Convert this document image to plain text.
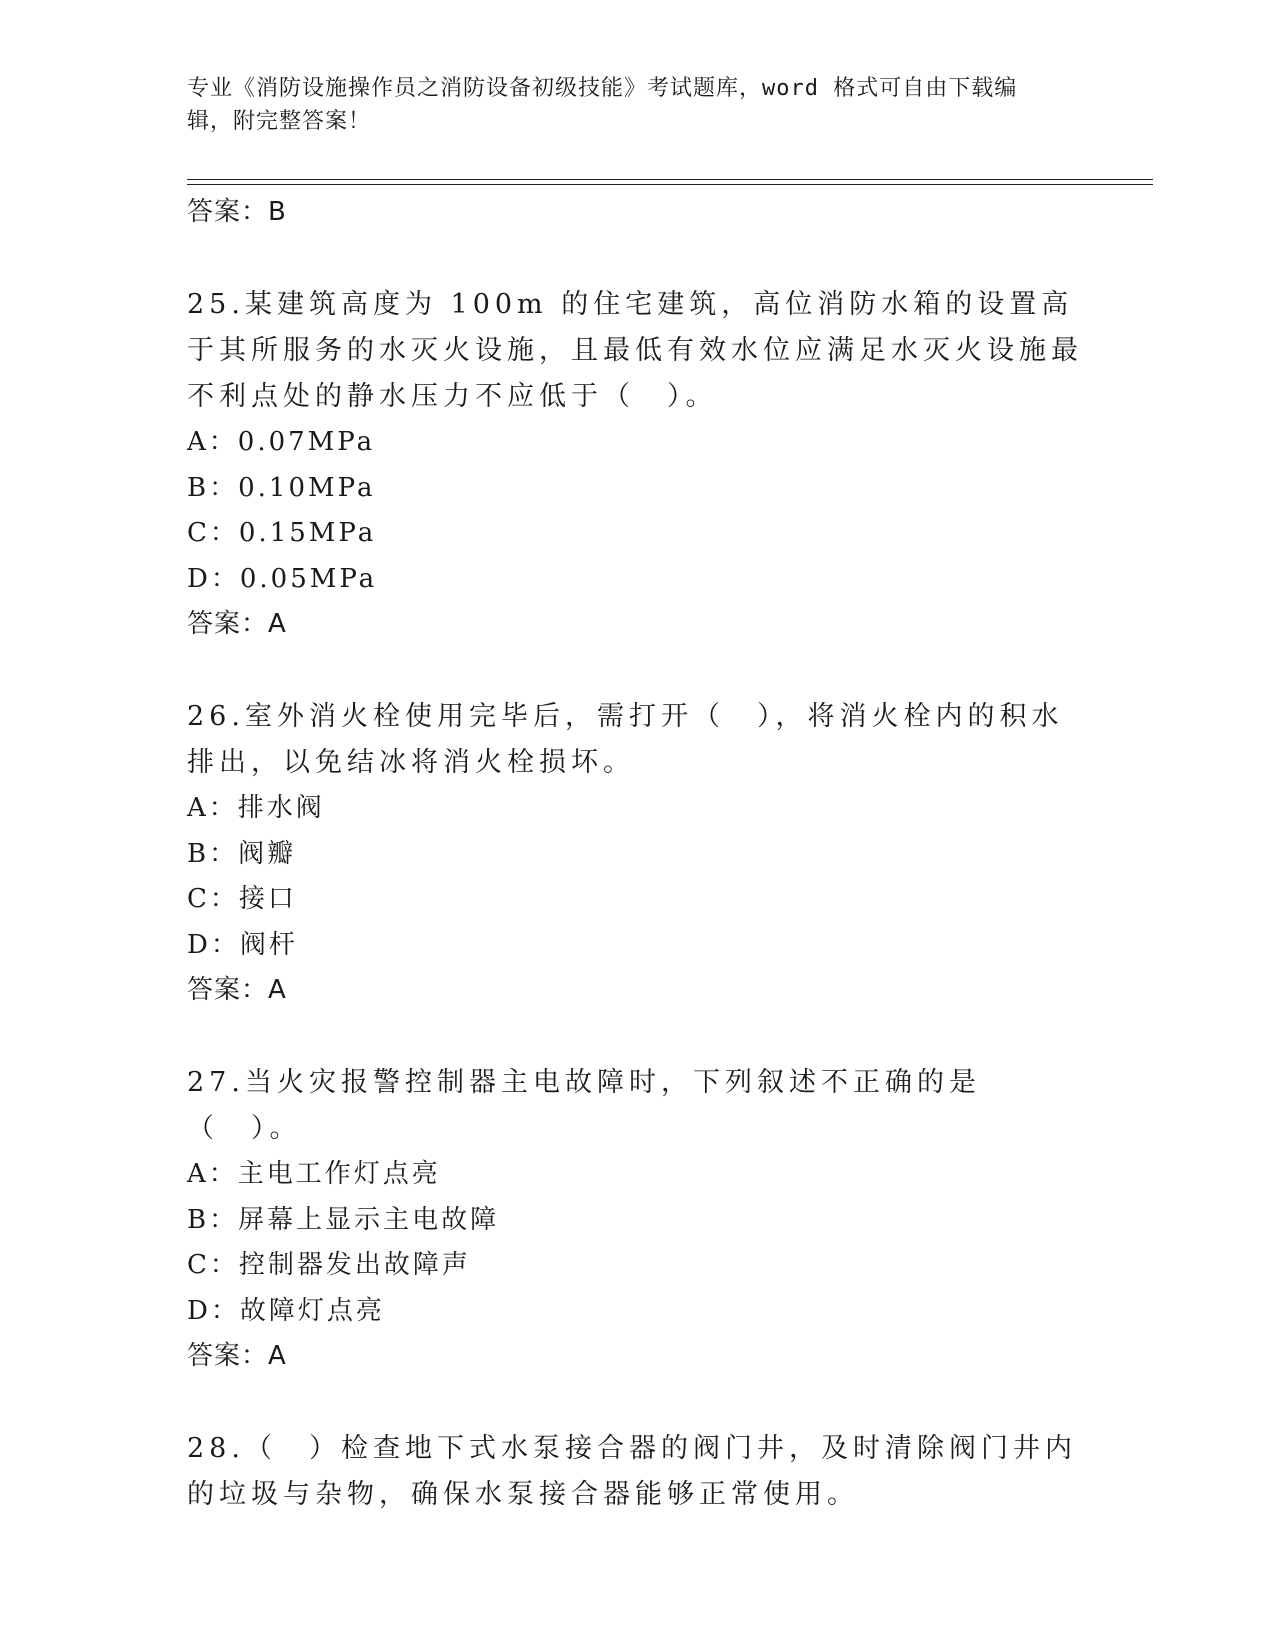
专业《消防设施操作员之消防设备初级技能》考试题库，word 格式可自由下载编
辑，附完整答案！
答案：B
25.某建筑高度为 100m 的住宅建筑，高位消防水箱的设置高于其所服务的水灭火设施，且最低有效水位应满足水灭火设施最不利点处的静水压力不应低于（　）。
A：0.07MPa
B：0.10MPa
C：0.15MPa
D：0.05MPa
答案：A
26.室外消火栓使用完毕后，需打开（　），将消火栓内的积水排出，以免结冰将消火栓损坏。
A：排水阀
B：阀瓣
C：接口
D：阀杆
答案：A
27.当火灾报警控制器主电故障时，下列叙述不正确的是（　）。
A：主电工作灯点亮
B：屏幕上显示主电故障
C：控制器发出故障声
D：故障灯点亮
答案：A
28.（　）检查地下式水泵接合器的阀门井，及时清除阀门井内的垃圾与杂物，确保水泵接合器能够正常使用。
